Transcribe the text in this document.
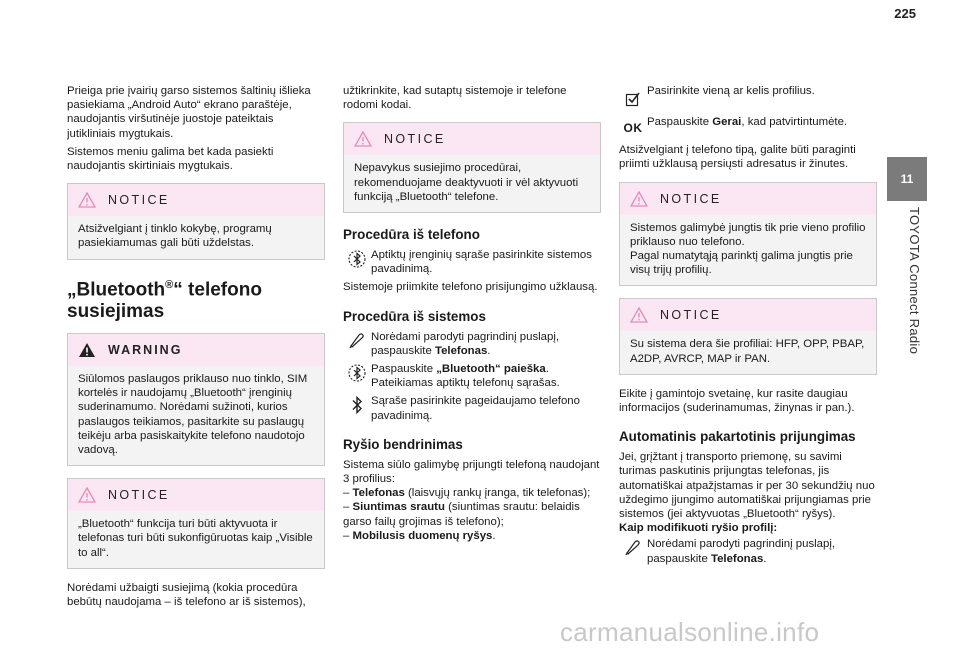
225
11
TOYOTA Connect Radio

Prieiga prie įvairių garso sistemos šaltinių išlieka pasiekiama „Android Auto“ ekrano paraštėje, naudojantis viršutinėje juostoje pateiktais jutikliniais mygtukais.

Sistemos meniu galima bet kada pasiekti naudojantis skirtiniais mygtukais.

NOTICE
Atsižvelgiant į tinklo kokybę, programų pasiekiamumas gali būti uždelstas.
„Bluetooth®“ telefono susiejimas
WARNING
Siūlomos paslaugos priklauso nuo tinklo, SIM kortelės ir naudojamų „Bluetooth“ įrenginių suderinamumo. Norėdami sužinoti, kurios paslaugos teikiamos, pasitarkite su paslaugų teikėju arba pasiskaitykite telefono naudotojo vadovą.
NOTICE
„Bluetooth“ funkcija turi būti aktyvuota ir telefonas turi būti sukonfigūruotas kaip „Visible to all“.

Norėdami užbaigti susiejimą (kokia procedūra bebūtų naudojama – iš telefono ar iš sistemos),

užtikrinkite, kad sutaptų sistemoje ir telefone rodomi kodai.

NOTICE
Nepavykus susiejimo procedūrai, rekomenduojame deaktyvuoti ir vėl aktyvuoti funkciją „Bluetooth“ telefone.
Procedūra iš telefono
Aptiktų įrenginių sąraše pasirinkite sistemos pavadinimą.

Sistemoje priimkite telefono prisijungimo užklausą.

Procedūra iš sistemos
Norėdami parodyti pagrindinį puslapį, paspauskite Telefonas.
Paspauskite „Bluetooth“ paieška.
Pateikiamas aptiktų telefonų sąrašas.
Sąraše pasirinkite pageidaujamo telefono pavadinimą.
Ryšio bendrinimas

Sistema siūlo galimybę prijungti telefoną naudojant 3 profilius:

– Telefonas (laisvųjų rankų įranga, tik telefonas);
– Siuntimas srautu (siuntimas srautu: belaidis garso failų grojimas iš telefono);
– Mobilusis duomenų ryšys.
Pasirinkite vieną ar kelis profilius.
OK Paspauskite Gerai, kad patvirtintumėte.

Atsižvelgiant į telefono tipą, galite būti paraginti priimti užklausą persiųsti adresatus ir žinutes.

NOTICE
Sistemos galimybė jungtis tik prie vieno profilio priklauso nuo telefono.
Pagal numatytąją parinktį galima jungtis prie visų trijų profilių.
NOTICE
Su sistema dera šie profiliai: HFP, OPP, PBAP, A2DP, AVRCP, MAP ir PAN.

Eikite į gamintojo svetainę, kur rasite daugiau informacijos (suderinamumas, žinynas ir pan.).

Automatinis pakartotinis prijungimas

Jei, grįžtant į transporto priemonę, su savimi turimas paskutinis prijungtas telefonas, jis automatiškai atpažįstamas ir per 30 sekundžių nuo uždegimo įjungimo automatiškai prijungiamas prie sistemos (jei aktyvuotas „Bluetooth“ ryšys).

Kaip modifikuoti ryšio profilį:

Norėdami parodyti pagrindinį puslapį, paspauskite Telefonas.
carmanualsonline.info
